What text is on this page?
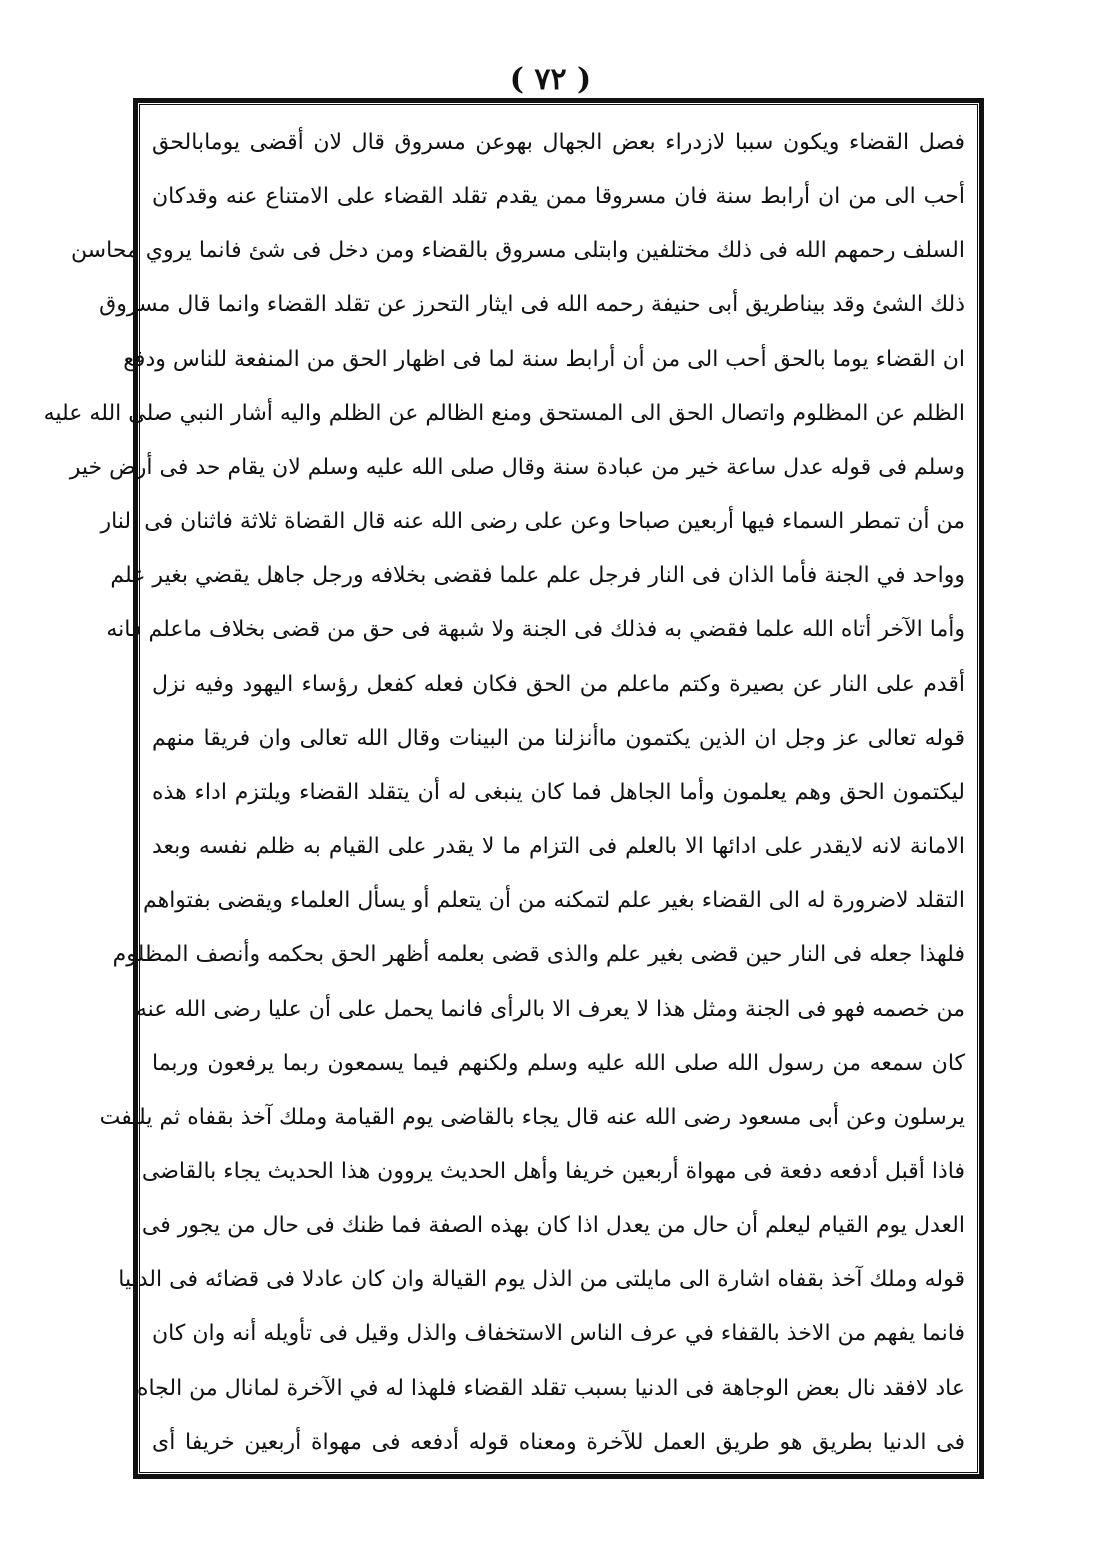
( ٧٢ )
فصل القضاء ويكون سببا لازدراء بعض الجهال بهوعن مسروق قال لان أقضى يومابالحق
أحب الى من ان أرابط سنة فان مسروقا ممن يقدم تقلد القضاء على الامتناع عنه وقدكان
السلف رحمهم الله فى ذلك مختلفين وابتلى مسروق بالقضاء ومن دخل فى شئ فانما يروي محاسن
ذلك الشئ وقد بيناطريق أبى حنيفة رحمه الله فى ايثار التحرز عن تقلد القضاء وانما قال مسروق
ان القضاء يوما بالحق أحب الى من أن أرابط سنة لما فى اظهار الحق من المنفعة للناس ودفع
الظلم عن المظلوم واتصال الحق الى المستحق ومنع الظالم عن الظلم واليه أشار النبي صلى الله عليه
وسلم فى قوله عدل ساعة خير من عبادة سنة وقال صلى الله عليه وسلم لان يقام حد فى أرض خير
من أن تمطر السماء فيها أربعين صباحا وعن على رضى الله عنه قال القضاة ثلاثة فاثنان فى النار
وواحد في الجنة فأما الذان فى النار فرجل علم علما فقضى بخلافه ورجل جاهل يقضي بغير علم
وأما الآخر أتاه الله علما فقضي به فذلك فى الجنة ولا شبهة فى حق من قضى بخلاف ماعلم فانه
أقدم على النار عن بصيرة وكتم ماعلم من الحق فكان فعله كفعل رؤساء اليهود وفيه نزل
قوله تعالى عز وجل ان الذين يكتمون ماأنزلنا من البينات وقال الله تعالى وان فريقا منهم
ليكتمون الحق وهم يعلمون وأما الجاهل فما كان ينبغى له أن يتقلد القضاء ويلتزم اداء هذه
الامانة لانه لايقدر على ادائها الا بالعلم فى التزام ما لا يقدر على القيام به ظلم نفسه وبعد
التقلد لاضرورة له الى القضاء بغير علم لتمكنه من أن يتعلم أو يسأل العلماء ويقضى بفتواهم
فلهذا جعله فى النار حين قضى بغير علم والذى قضى بعلمه أظهر الحق بحكمه وأنصف المظلوم
من خصمه فهو فى الجنة ومثل هذا لا يعرف الا بالرأى فانما يحمل على أن عليا رضى الله عنه
كان سمعه من رسول الله صلى الله عليه وسلم ولكنهم فيما يسمعون ربما يرفعون وربما
يرسلون وعن أبى مسعود رضى الله عنه قال يجاء بالقاضى يوم القيامة وملك آخذ بقفاه ثم يلتفت
فاذا أقبل أدفعه دفعة فى مهواة أربعين خريفا وأهل الحديث يروون هذا الحديث يجاء بالقاضى
العدل يوم القيام ليعلم أن حال من يعدل اذا كان بهذه الصفة فما ظنك فى حال من يجور فى
قوله وملك آخذ بقفاه اشارة الى مايلتى من الذل يوم القيالة وان كان عادلا فى قضائه فى الدنيا
فانما يفهم من الاخذ بالقفاء في عرف الناس الاستخفاف والذل وقيل فى تأويله أنه وان كان
عاد لافقد نال بعض الوجاهة فى الدنيا بسبب تقلد القضاء فلهذا له في الآخرة لمانال من الجاه
فى الدنيا بطريق هو طريق العمل للآخرة ومعناه قوله أدفعه فى مهواة أربعين خريفا أى
